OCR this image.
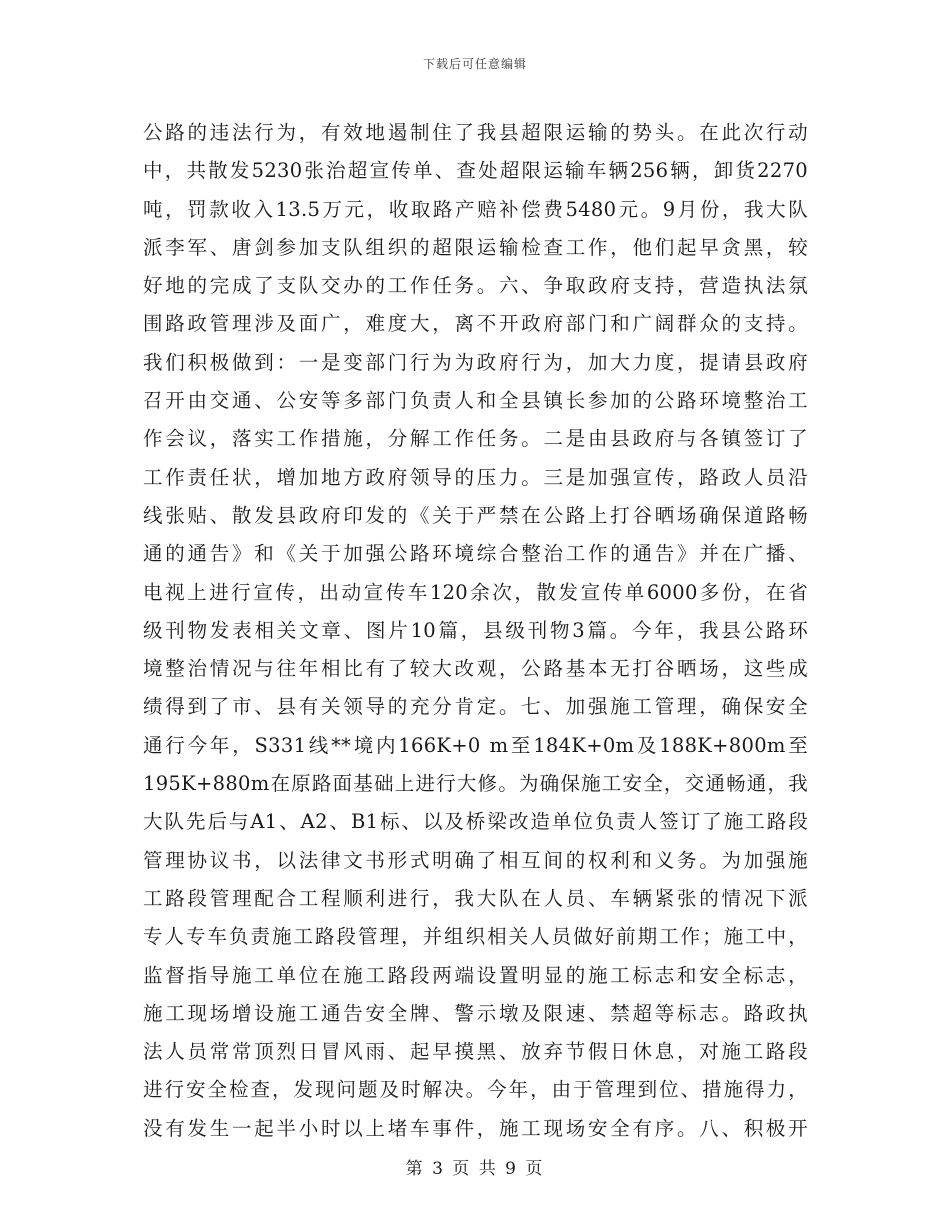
下载后可任意编辑
公路的违法行为，有效地遏制住了我县超限运输的势头。在此次行动
中，共散发5230张治超宣传单、查处超限运输车辆256辆，卸货2270
吨，罚款收入13.5万元，收取路产赔补偿费5480元。9月份，我大队
派李军、唐剑参加支队组织的超限运输检查工作，他们起早贪黑，较
好地的完成了支队交办的工作任务。六、争取政府支持，营造执法氛
围路政管理涉及面广，难度大，离不开政府部门和广阔群众的支持。
我们积极做到：一是变部门行为为政府行为，加大力度，提请县政府
召开由交通、公安等多部门负责人和全县镇长参加的公路环境整治工
作会议，落实工作措施，分解工作任务。二是由县政府与各镇签订了
工作责任状，增加地方政府领导的压力。三是加强宣传，路政人员沿
线张贴、散发县政府印发的《关于严禁在公路上打谷晒场确保道路畅
通的通告》和《关于加强公路环境综合整治工作的通告》并在广播、
电视上进行宣传，出动宣传车120余次，散发宣传单6000多份，在省
级刊物发表相关文章、图片10篇，县级刊物3篇。今年，我县公路环
境整治情况与往年相比有了较大改观，公路基本无打谷晒场，这些成
绩得到了市、县有关领导的充分肯定。七、加强施工管理，确保安全
通行今年，S331线**境内166K+0 m至184K+0m及188K+800m至
195K+880m在原路面基础上进行大修。为确保施工安全，交通畅通，我
大队先后与A1、A2、B1标、以及桥梁改造单位负责人签订了施工路段
管理协议书，以法律文书形式明确了相互间的权利和义务。为加强施
工路段管理配合工程顺利进行，我大队在人员、车辆紧张的情况下派
专人专车负责施工路段管理，并组织相关人员做好前期工作；施工中，
监督指导施工单位在施工路段两端设置明显的施工标志和安全标志，
施工现场增设施工通告安全牌、警示墩及限速、禁超等标志。路政执
法人员常常顶烈日冒风雨、起早摸黑、放弃节假日休息，对施工路段
进行安全检查，发现问题及时解决。今年，由于管理到位、措施得力，
没有发生一起半小时以上堵车事件，施工现场安全有序。八、积极开
第 3 页 共 9 页
